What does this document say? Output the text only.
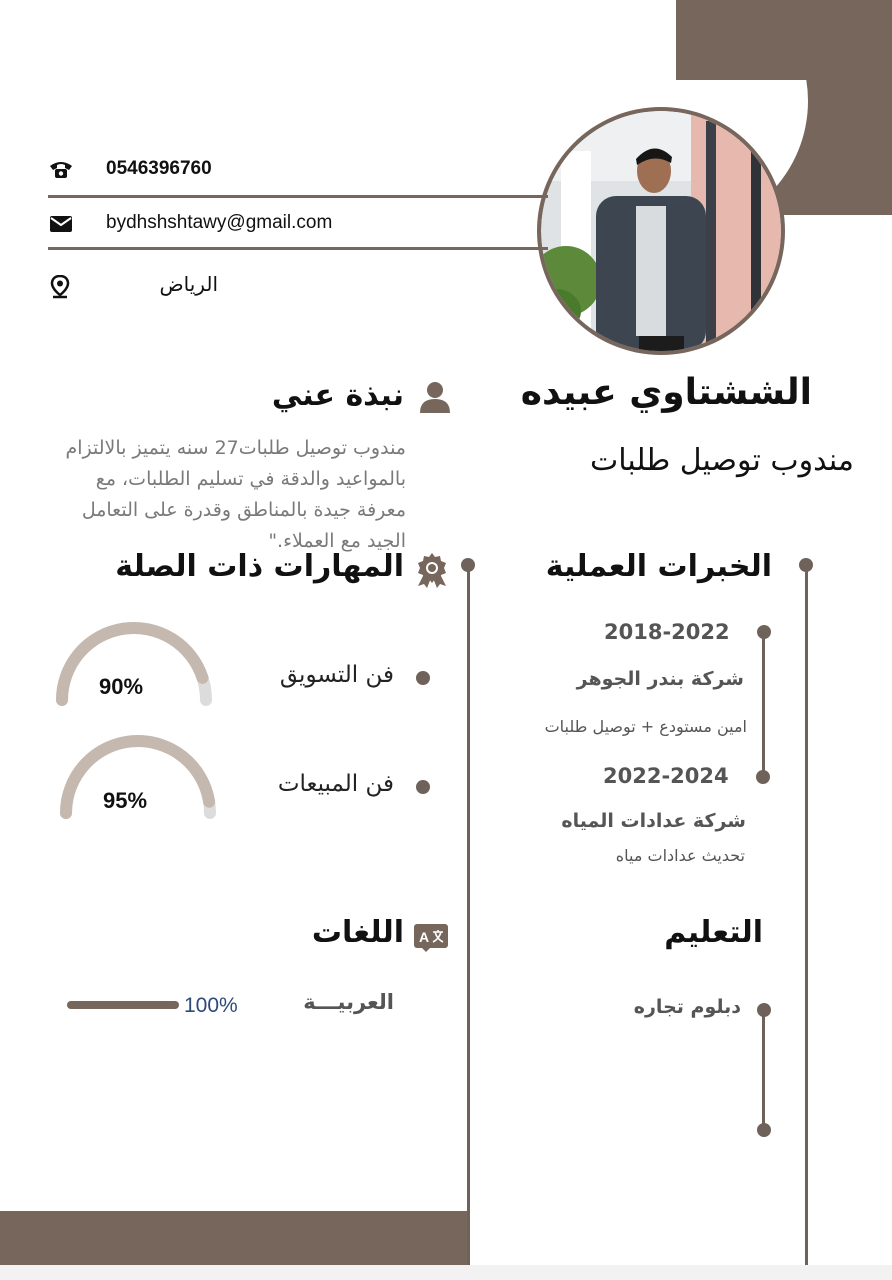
0546396760
bydhshshtawy@gmail.com
الرياض
الششتاوي عبيده
مندوب توصيل طلبات
نبذة عني
مندوب توصيل طلبات27 سنه يتميز بالالتزام بالمواعيد والدقة في تسليم الطلبات، مع معرفة جيدة بالمناطق وقدرة على التعامل الجيد مع العملاء."
المهارات ذات الصلة
90%
95%
فن التسويق
فن المبيعات
الخبرات العملية
2018-2022
شركة بندر الجوهر
امين مستودع + توصيل طلبات
2022-2024
شركة عدادات المياه
تحديث عدادات مياه
التعليم
دبلوم تجاره
A
اللغات
العربيـــة
100%
